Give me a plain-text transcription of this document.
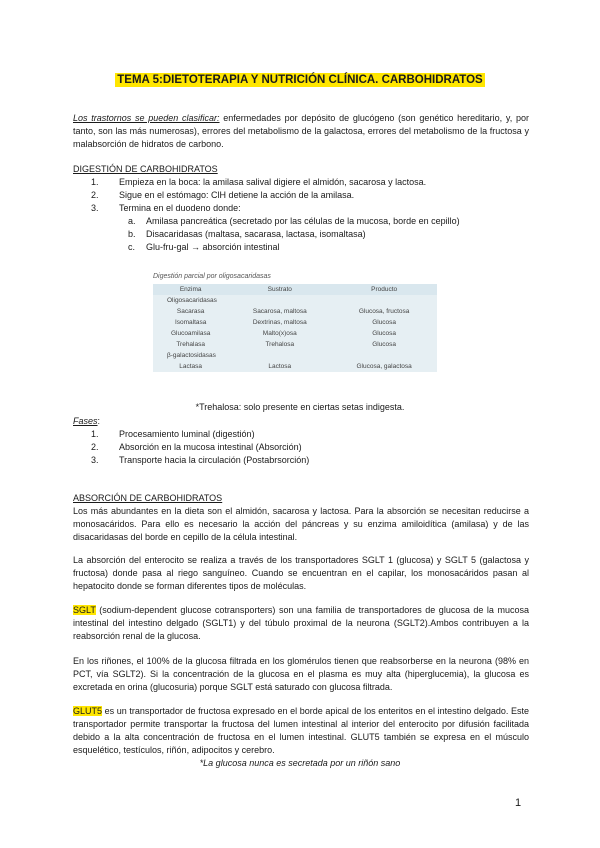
TEMA 5:DIETOTERAPIA Y NUTRICIÓN CLÍNICA. CARBOHIDRATOS
Los trastornos se pueden clasificar: enfermedades por depósito de glucógeno (son genético hereditario, y, por tanto, son las más numerosas), errores del metabolismo de la galactosa, errores del metabolismo de la fructosa y malabsorción de hidratos de carbono.
DIGESTIÓN DE CARBOHIDRATOS
1. Empieza en la boca: la amilasa salival digiere el almidón, sacarosa y lactosa.
2. Sigue en el estómago: ClH detiene la acción de la amilasa.
3. Termina en el duodeno donde:
a. Amilasa pancreática (secretado por las células de la mucosa, borde en cepillo)
b. Disacaridasas (maltasa, sacarasa, lactasa, isomaltasa)
c. Glu-fru-gal → absorción intestinal
Digestión parcial por oligosacaridasas
Enzima	Sustrato	Producto
Oligosacaridasas		
Sacarasa	Sacarosa, maltosa	Glucosa, fructosa
Isomaltasa	Dextrinas, maltosa	Glucosa
Glucoamilasa	Malto(x)osa	Glucosa
Trehalasa	Trehalosa	Glucosa
β-galactosidasas		
Lactasa	Lactosa	Glucosa, galactosa
*Trehalosa: solo presente en ciertas setas indigesta.
Fases:
1. Procesamiento luminal (digestión)
2. Absorción en la mucosa intestinal (Absorción)
3. Transporte hacia la circulación (Postabrsorción)
ABSORCIÓN DE CARBOHIDRATOS
Los más abundantes en la dieta son el almidón, sacarosa y lactosa. Para la absorción se necesitan reducirse a monosacáridos. Para ello es necesario la acción del páncreas y su enzima amiloidítica (amilasa) y de las disacaridasas del borde en cepillo de la célula intestinal.
La absorción del enterocito se realiza a través de los transportadores SGLT 1 (glucosa) y SGLT 5 (galactosa y fructosa) donde pasa al riego sanguíneo. Cuando se encuentran en el capilar, los monosacáridos pasan al hepatocito donde se forman diferentes tipos de moléculas.
SGLT (sodium-dependent glucose cotransporters) son una familia de transportadores de glucosa de la mucosa intestinal del intestino delgado (SGLT1) y del túbulo proximal de la neurona (SGLT2).Ambos contribuyen a la reabsorción renal de la glucosa.
En los riñones, el 100% de la glucosa filtrada en los glomérulos tienen que reabsorberse en la neurona (98% en PCT, vía SGLT2). Si la concentración de la glucosa en el plasma es muy alta (hiperglucemia), la glucosa es excretada en orina (glucosuria) porque SGLT está saturado con glucosa filtrada.
GLUT5 es un transportador de fructosa expresado en el borde apical de los enteritos en el intestino delgado. Este transportador permite transportar la fructosa del lumen intestinal al interior del enterocito por difusión facilitada debido a la alta concentración de fructosa en el lumen intestinal. GLUT5 también se expresa en el músculo esquelético, testículos, riñón, adipocitos y cerebro.
*La glucosa nunca es secretada por un riñón sano
1
